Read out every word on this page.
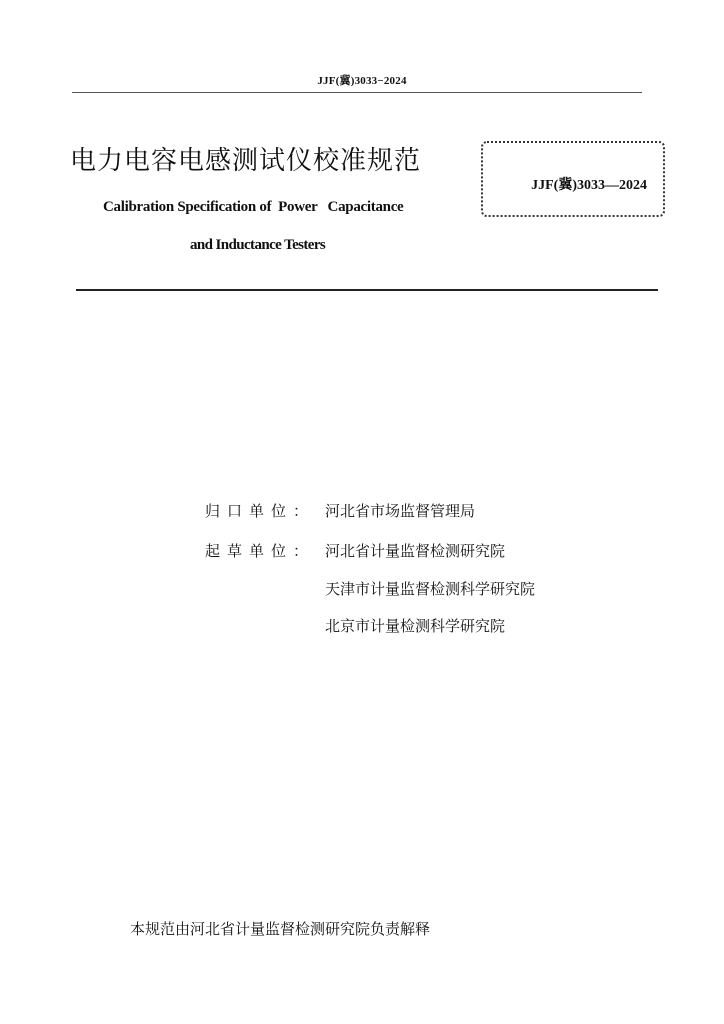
JJF(冀)3033−2024
电力电容电感测试仪校准规范
JJF(冀)3033—2024
Calibration Specification of  Power   Capacitance
and Inductance Testers
归口单位： 河北省市场监督管理局
起草单位： 河北省计量监督检测研究院
天津市计量监督检测科学研究院
北京市计量检测科学研究院
本规范由河北省计量监督检测研究院负责解释
